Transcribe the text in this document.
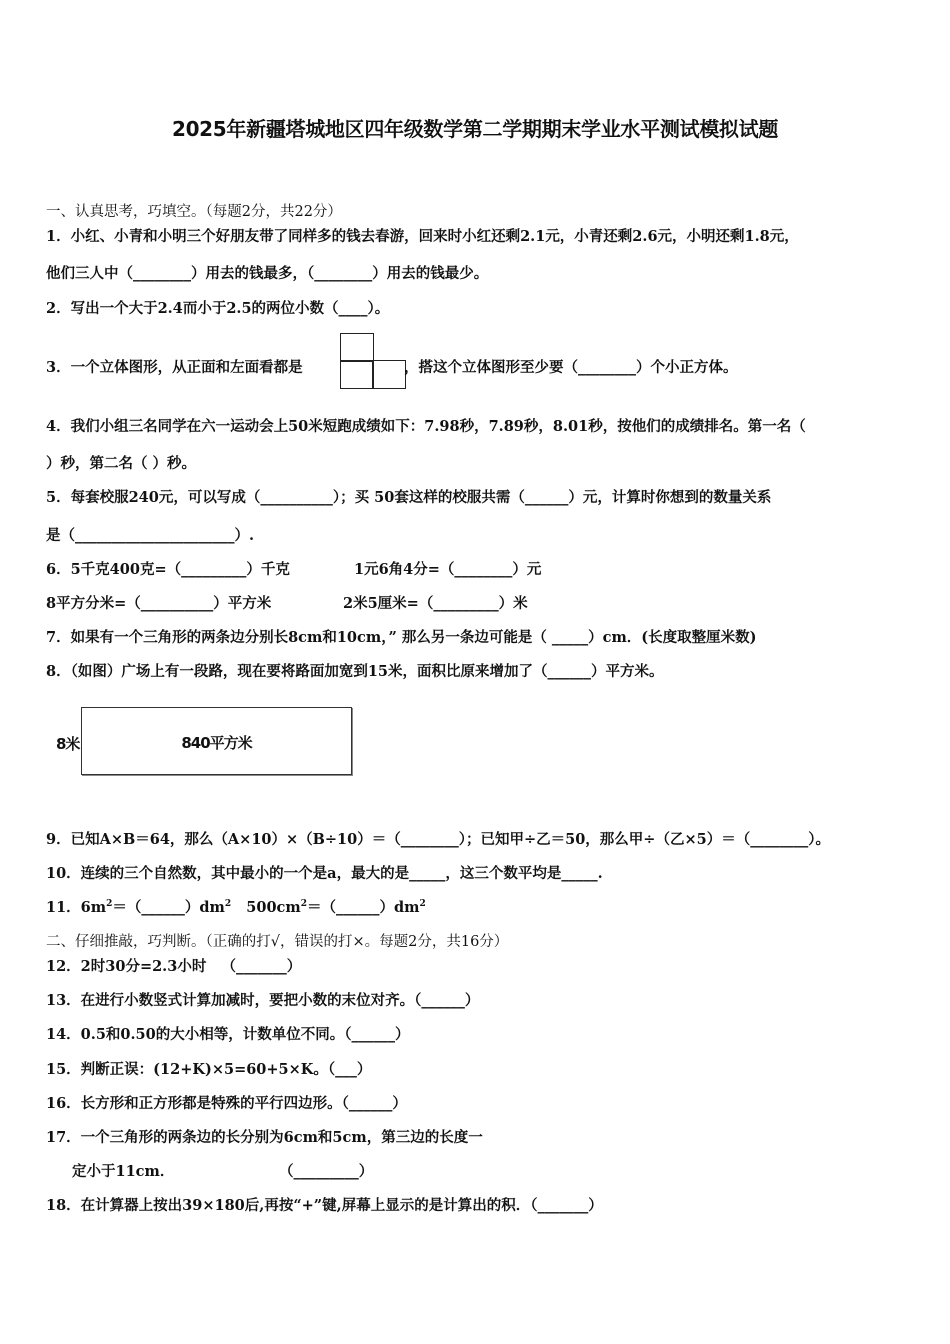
2025年新疆塔城地区四年级数学第二学期期末学业水平测试模拟试题
一、认真思考，巧填空。（每题2分，共22分）
1．小红、小青和小明三个好朋友带了同样多的钱去春游，回来时小红还剩2.1元，小青还剩2.6元，小明还剩1.8元，
他们三人中（________）用去的钱最多，（________）用去的钱最少。
2．写出一个大于2.4而小于2.5的两位小数（____）。
3．一个立体图形，从正面和左面看都是	，搭这个立体图形至少要（________）个小正方体。
4．我们小组三名同学在六一运动会上50米短跑成绩如下：7.98秒，7.89秒，8.01秒，按他们的成绩排名。第一名（
）秒，第二名（ ）秒。
5．每套校服240元，可以写成（__________）；买 50套这样的校服共需（______）元，计算时你想到的数量关系
是（______________________）.
6．5千克400克=（_________）千克	1元6角4分=（________）元
8平方分米=（__________）平方米	2米5厘米=（_________）米
7．如果有一个三角形的两条边分别长8cm和10cm，” 那么另一条边可能是（ _____）cm．(长度取整厘米数)
8．（如图）广场上有一段路，现在要将路面加宽到15米，面积比原来增加了（______）平方米。
8米	840平方米
9．已知A×B＝64，那么（A×10）×（B÷10）＝（________）；已知甲÷乙＝50，那么甲÷（乙×5）＝（________）。
10．连续的三个自然数，其中最小的一个是a，最大的是_____，这三个数平均是_____.
11．$6m^2=(\_\_\_\_\_\_)dm^2$   $500cm^2=(\_\_\_\_\_\_)dm^2$
二、仔细推敲，巧判断。（正确的打√，错误的打×。每题2分，共16分）
12．2时30分=2.3小时   （_______）
13．在进行小数竖式计算加减时，要把小数的末位对齐。（______）
14．0.5和0.50的大小相等，计数单位不同。（______）
15．判断正误：(12+K)×5=60+5×K。（___）
16．长方形和正方形都是特殊的平行四边形。（______）
17．一个三角形的两条边的长分别为6cm和5cm，第三边的长度一
定小于11cm．	（_________）
18．在计算器上按出39×180后,再按“+”键,屏幕上显示的是计算出的积．（_______）
